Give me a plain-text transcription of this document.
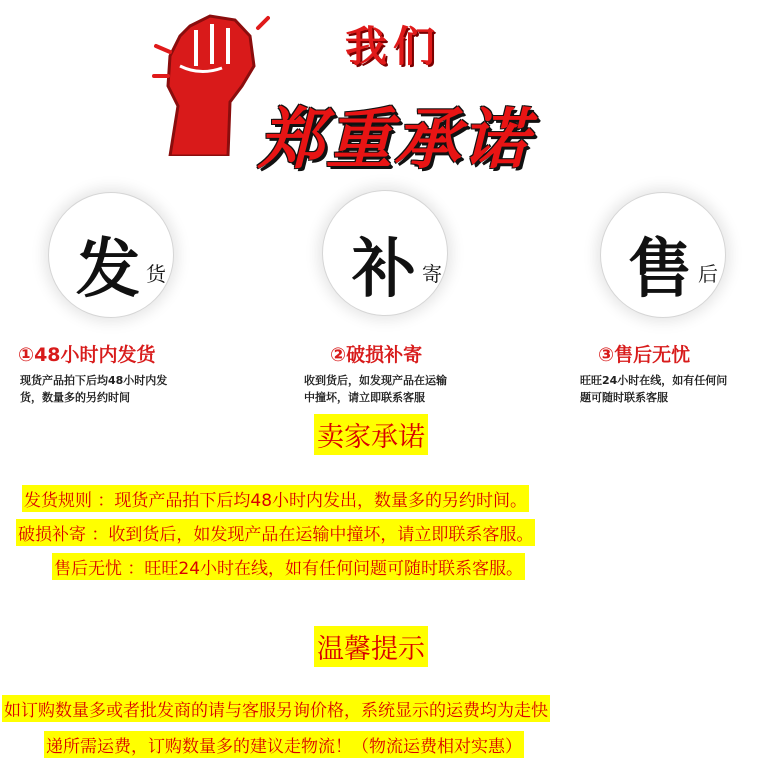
我们
郑重承诺
发 货
①48小时内发货
现货产品拍下后均48小时内发
货，数量多的另约时间
补 寄
②破损补寄
收到货后，如发现产品在运输
中撞坏，请立即联系客服
售 后
③售后无忧
旺旺24小时在线，如有任何问
题可随时联系客服
卖家承诺
发货规则 ：现货产品拍下后均48小时内发出，数量多的另约时间。
破损补寄 ：收到货后，如发现产品在运输中撞坏，请立即联系客服。
售后无忧 ：旺旺24小时在线，如有任何问题可随时联系客服。
温馨提示
如订购数量多或者批发商的请与客服另询价格，系统显示的运费均为走快
递所需运费，订购数量多的建议走物流！（物流运费相对实惠）
